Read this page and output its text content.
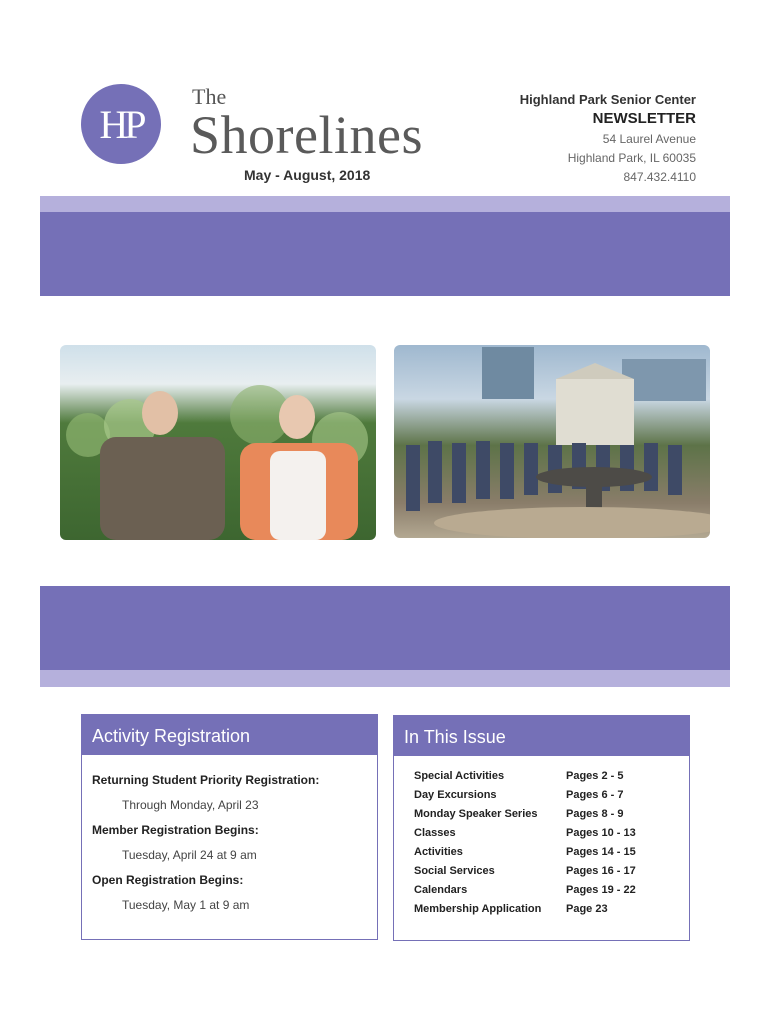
HP
The
Shorelines
May - August, 2018
Highland Park Senior Center
NEWSLETTER
54 Laurel Avenue
Highland Park, IL 60035
847.432.4110
Activity Registration
Returning Student Priority Registration:
Through Monday, April 23
Member Registration Begins:
Tuesday, April 24 at 9 am
Open Registration Begins:
Tuesday, May 1 at 9 am
In This Issue
Special Activities	Pages 2 - 5
Day Excursions	Pages 6 - 7
Monday Speaker Series	Pages 8 - 9
Classes	Pages 10 - 13
Activities	Pages 14 - 15
Social Services	Pages 16 - 17
Calendars	Pages 19 - 22
Membership Application	Page 23
